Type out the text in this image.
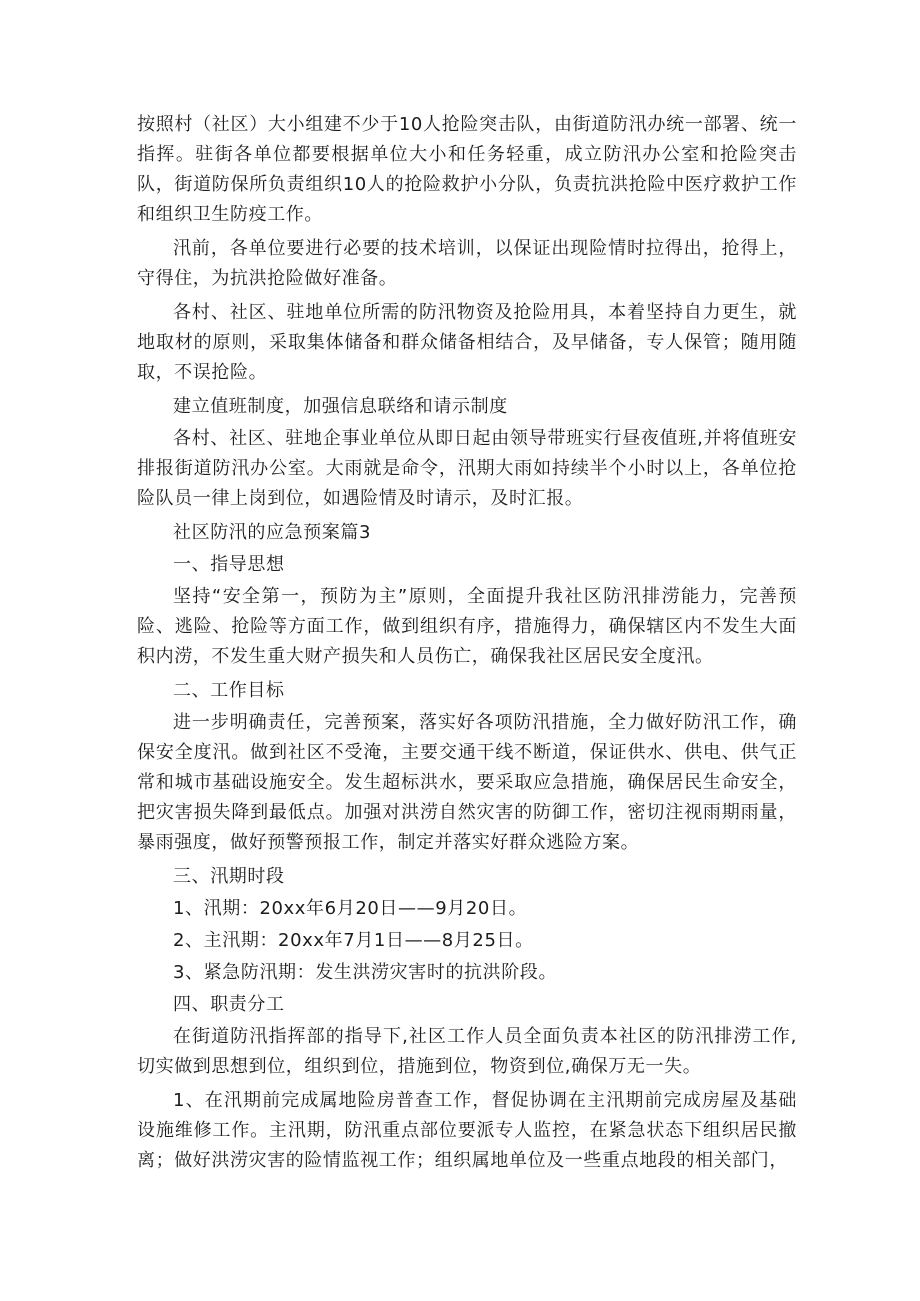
按照村（社区）大小组建不少于10人抢险突击队，由街道防汛办统一部署、统一指挥。驻街各单位都要根据单位大小和任务轻重，成立防汛办公室和抢险突击队，街道防保所负责组织10人的抢险救护小分队，负责抗洪抢险中医疗救护工作和组织卫生防疫工作。

汛前，各单位要进行必要的技术培训，以保证出现险情时拉得出，抢得上，守得住，为抗洪抢险做好准备。

各村、社区、驻地单位所需的防汛物资及抢险用具，本着坚持自力更生，就地取材的原则，采取集体储备和群众储备相结合，及早储备，专人保管；随用随取，不误抢险。

建立值班制度，加强信息联络和请示制度

各村、社区、驻地企事业单位从即日起由领导带班实行昼夜值班,并将值班安排报街道防汛办公室。大雨就是命令，汛期大雨如持续半个小时以上，各单位抢险队员一律上岗到位，如遇险情及时请示，及时汇报。

社区防汛的应急预案篇3

一、指导思想

坚持“安全第一，预防为主”原则，全面提升我社区防汛排涝能力，完善预险、逃险、抢险等方面工作，做到组织有序，措施得力，确保辖区内不发生大面积内涝，不发生重大财产损失和人员伤亡，确保我社区居民安全度汛。

二、工作目标

进一步明确责任，完善预案，落实好各项防汛措施，全力做好防汛工作，确保安全度汛。做到社区不受淹，主要交通干线不断道，保证供水、供电、供气正常和城市基础设施安全。发生超标洪水，要采取应急措施，确保居民生命安全，把灾害损失降到最低点。加强对洪涝自然灾害的防御工作，密切注视雨期雨量，暴雨强度，做好预警预报工作，制定并落实好群众逃险方案。

三、汛期时段

1、汛期：20xx年6月20日——9月20日。

2、主汛期：20xx年7月1日——8月25日。

3、紧急防汛期：发生洪涝灾害时的抗洪阶段。

四、职责分工

在街道防汛指挥部的指导下,社区工作人员全面负责本社区的防汛排涝工作,切实做到思想到位，组织到位，措施到位，物资到位,确保万无一失。

1、在汛期前完成属地险房普查工作，督促协调在主汛期前完成房屋及基础设施维修工作。主汛期，防汛重点部位要派专人监控，在紧急状态下组织居民撤离；做好洪涝灾害的险情监视工作；组织属地单位及一些重点地段的相关部门，
